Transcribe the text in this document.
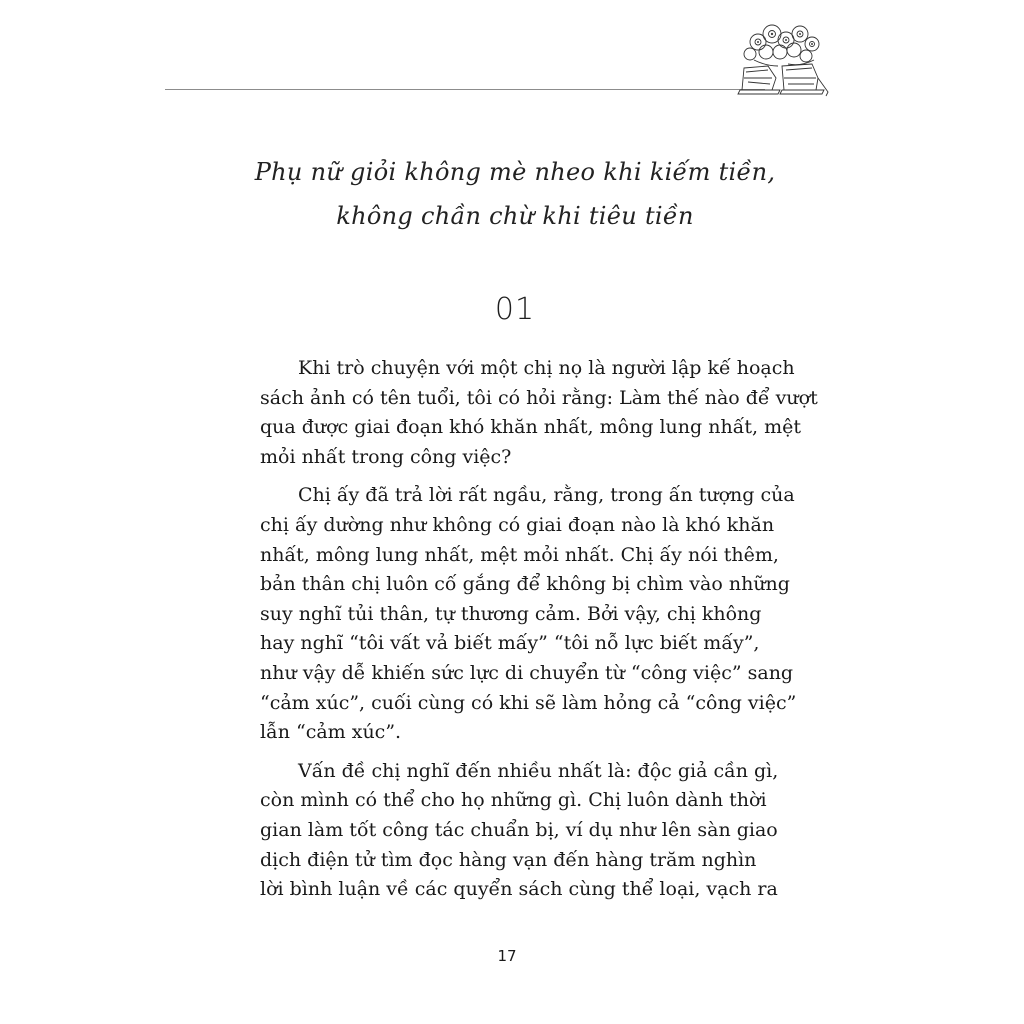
Phụ nữ giỏi không mè nheo khi kiếm tiền,
không chần chừ khi tiêu tiền
01

Khi trò chuyện với một chị nọ là người lập kế hoạch
sách ảnh có tên tuổi, tôi có hỏi rằng: Làm thế nào để vượt
qua được giai đoạn khó khăn nhất, mông lung nhất, mệt
mỏi nhất trong công việc?

Chị ấy đã trả lời rất ngầu, rằng, trong ấn tượng của
chị ấy dường như không có giai đoạn nào là khó khăn
nhất, mông lung nhất, mệt mỏi nhất. Chị ấy nói thêm,
bản thân chị luôn cố gắng để không bị chìm vào những
suy nghĩ tủi thân, tự thương cảm. Bởi vậy, chị không
hay nghĩ “tôi vất vả biết mấy” “tôi nỗ lực biết mấy”,
như vậy dễ khiến sức lực di chuyển từ “công việc” sang
“cảm xúc”, cuối cùng có khi sẽ làm hỏng cả “công việc”
lẫn “cảm xúc”.

Vấn đề chị nghĩ đến nhiều nhất là: độc giả cần gì,
còn mình có thể cho họ những gì. Chị luôn dành thời
gian làm tốt công tác chuẩn bị, ví dụ như lên sàn giao
dịch điện tử tìm đọc hàng vạn đến hàng trăm nghìn
lời bình luận về các quyển sách cùng thể loại, vạch ra

17
